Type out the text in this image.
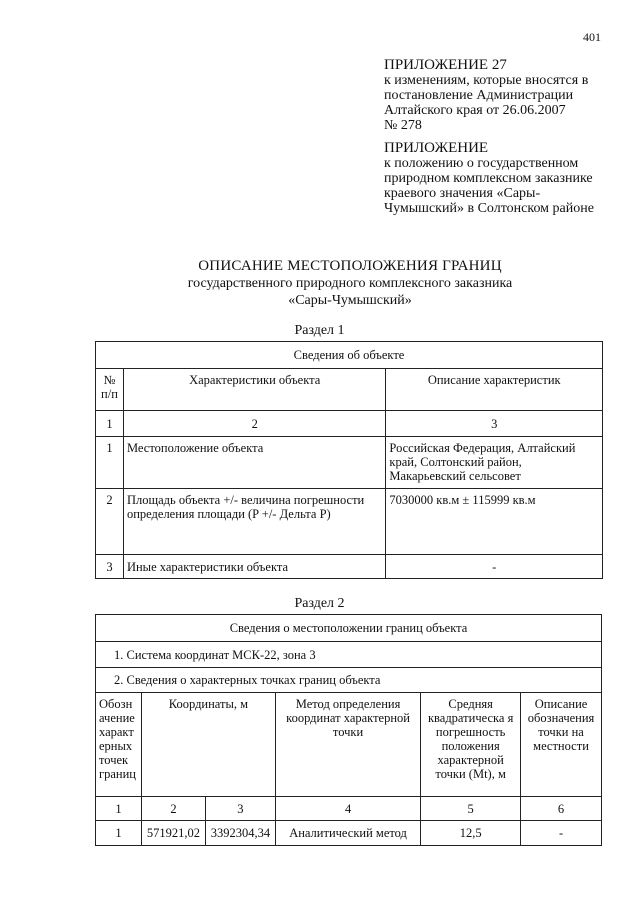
401
ПРИЛОЖЕНИЕ 27
к изменениям, которые вносятся в
постановление Администрации
Алтайского края от 26.06.2007
№ 278
ПРИЛОЖЕНИЕ
к положению о государственном
природном комплексном заказнике
краевого значения «Сары-
Чумышский» в Солтонском районе
ОПИСАНИЕ МЕСТОПОЛОЖЕНИЯ ГРАНИЦ
государственного природного комплексного заказника
«Сары-Чумышский»
Раздел 1
Сведения об объекте		
№ п/п	Характеристики объекта	Описание характеристик
1	2	3
1	Местоположение объекта	Российская Федерация, Алтайский край, Солтонский район, Макарьевский сельсовет
2	Площадь объекта +/- величина погрешности определения площади (P +/- Дельта P)	7030000 кв.м ± 115999 кв.м
3	Иные характеристики объекта	-
Раздел 2
Сведения о местоположении границ объекта					
1. Система координат МСК-22, зона 3					
2. Сведения о характерных точках границ объекта					
Обозн ачение характ ерных точек границ	Координаты, м		Метод определения координат характерной точки	Средняя квадратическа я погрешность положения характерной точки (Mt), м	Описание обозначения точки на местности
1	2	3	4	5	6
1	571921,02	3392304,34	Аналитический метод	12,5	-
